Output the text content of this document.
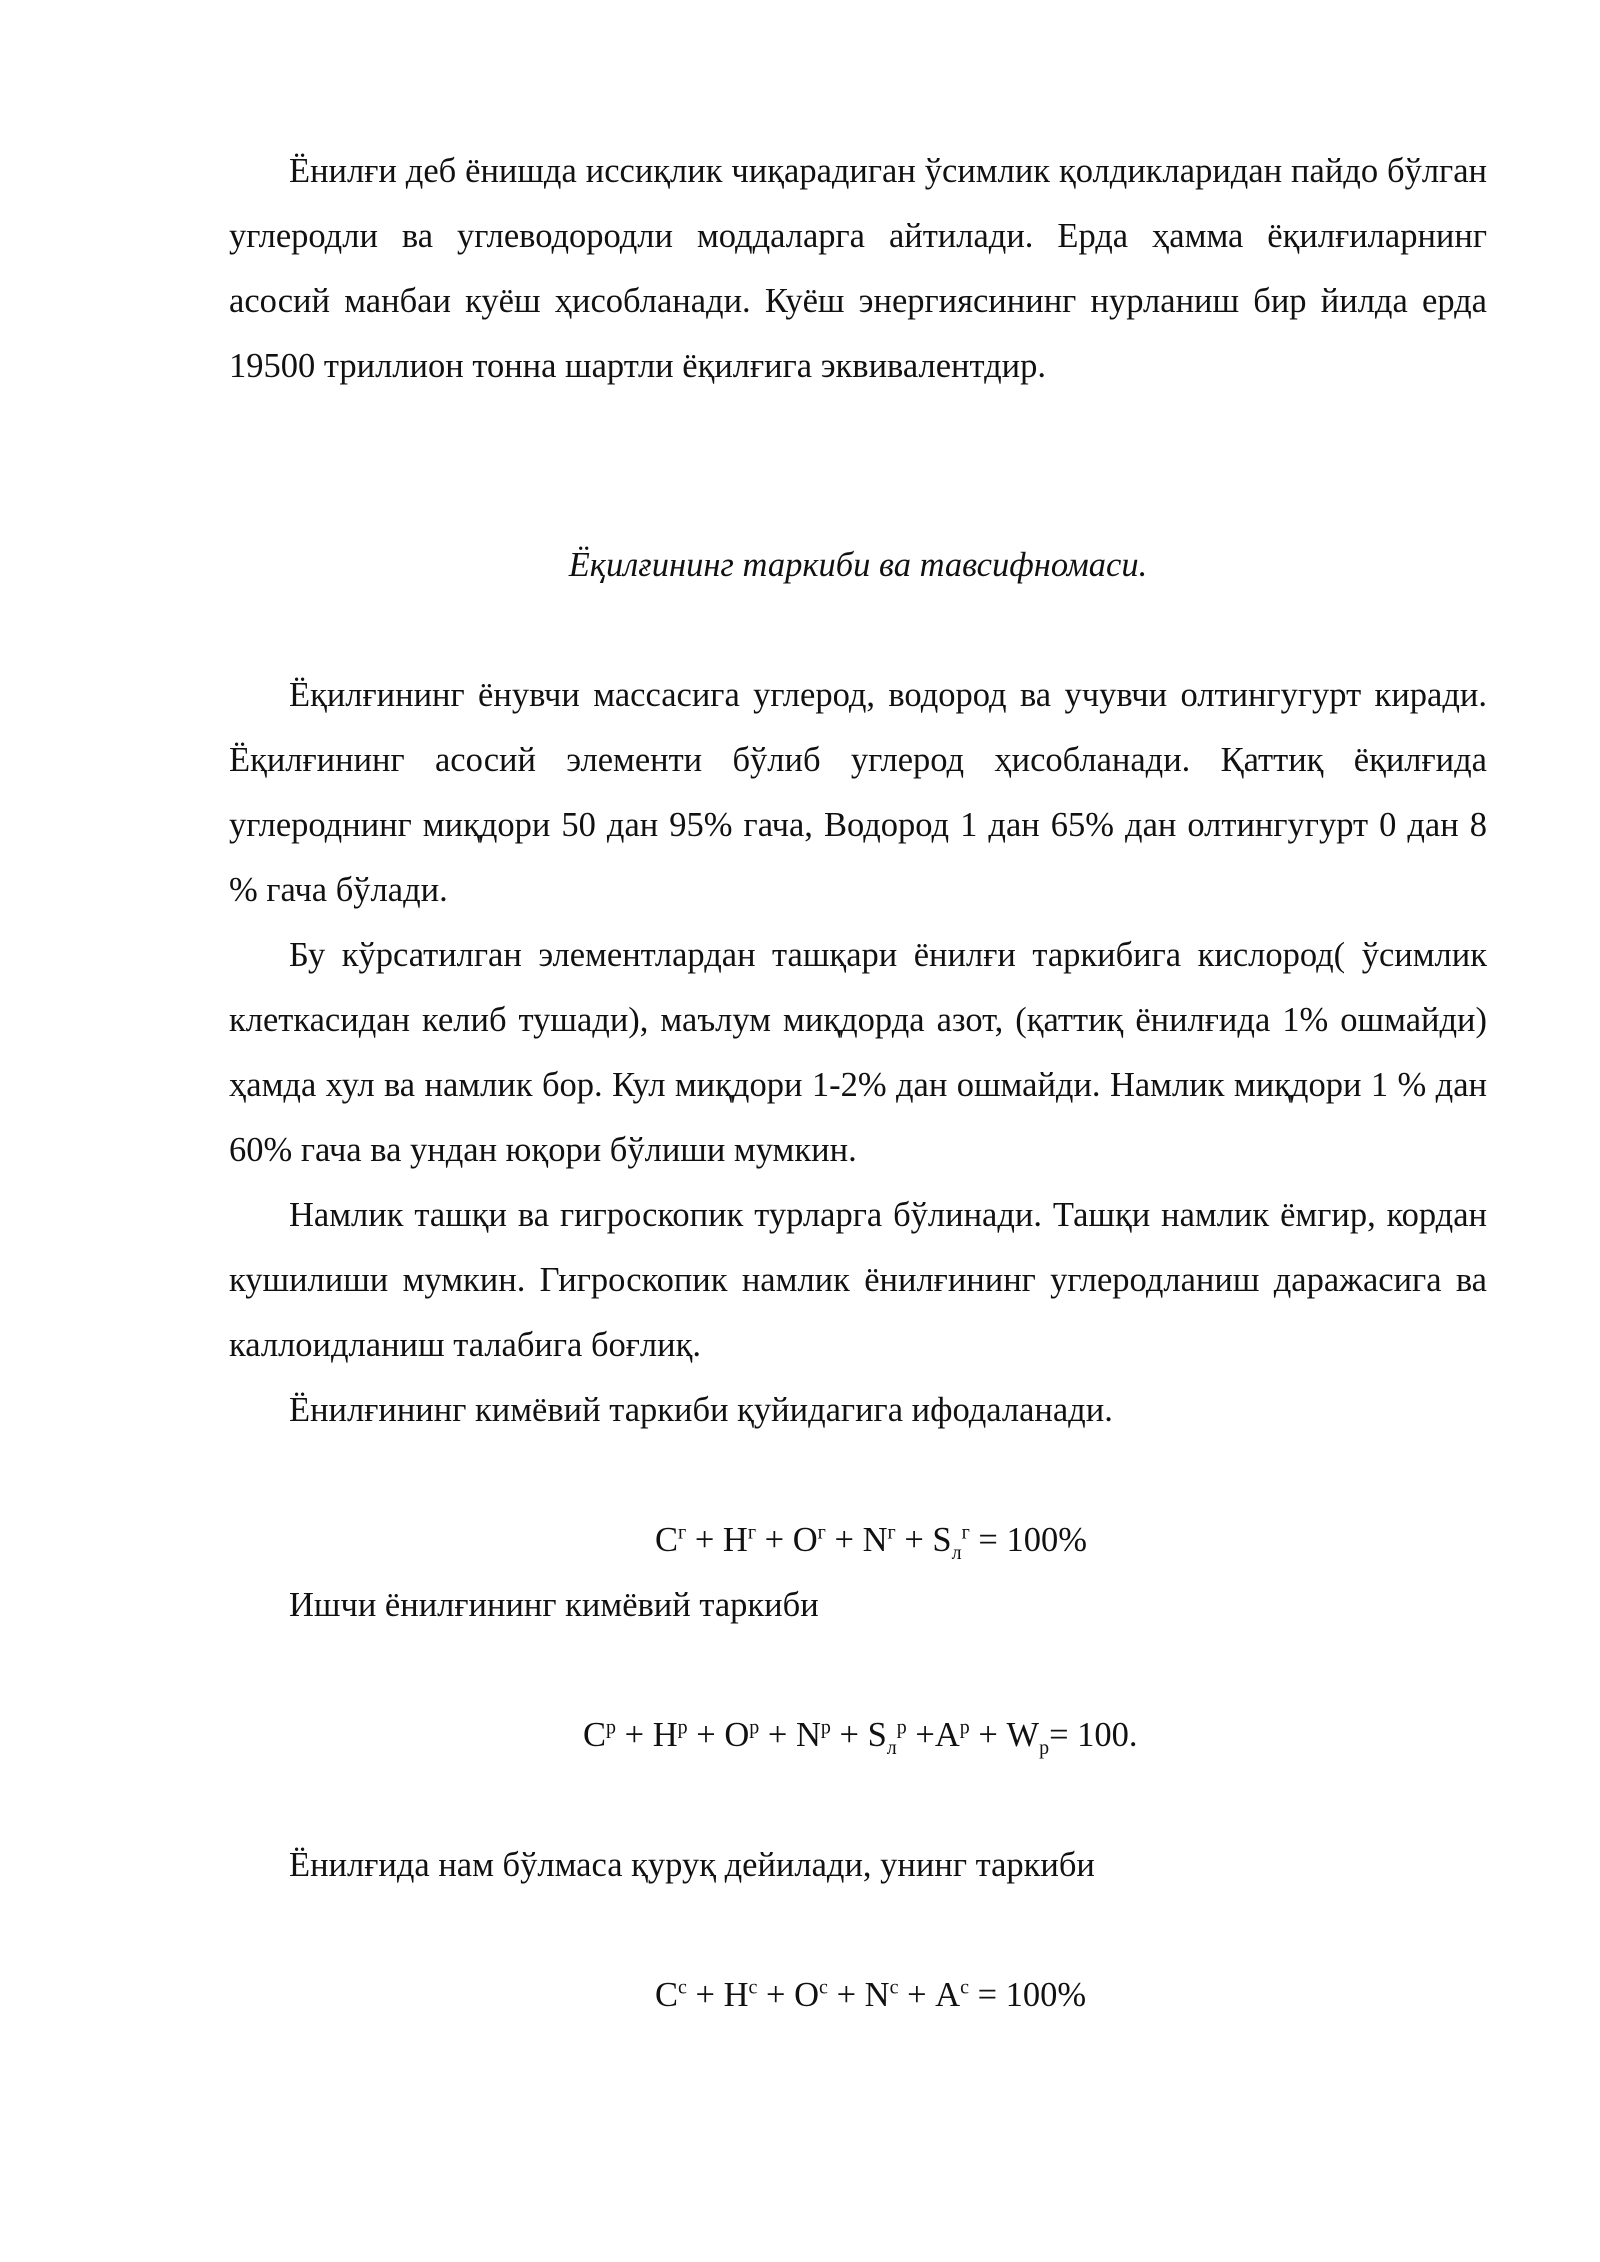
Ёнилғи деб ёнишда иссиқлик чиқарадиган ўсимлик қолдикларидан пайдо бўлган углеродли ва углеводородли моддаларга айтилади. Ерда ҳамма ёқилғиларнинг асосий манбаи куёш ҳисобланади. Куёш энергиясининг нурланиш бир йилда ерда 19500 триллион тонна шартли ёқилғига эквивалентдир.

Ёқилғининг таркиби ва тавсифномаси.

Ёқилғининг ёнувчи массасига углерод, водород ва учувчи олтингугурт киради. Ёқилғининг асосий элементи бўлиб углерод ҳисобланади. Қаттиқ ёқилғида углероднинг миқдори 50 дан 95% гача, Водород 1 дан 65% дан олтингугурт 0 дан 8 % гача бўлади.

Бу кўрсатилган элементлардан ташқари ёнилғи таркибига кислород( ўсимлик клеткасидан келиб тушади), маълум миқдорда азот, (қаттиқ ёнилғида 1% ошмайди) ҳамда хул ва намлик бор. Кул миқдори 1-2% дан ошмайди. Намлик миқдори 1 % дан 60% гача ва ундан юқори бўлиши мумкин.

Намлик ташқи ва гигроскопик турларга бўлинади. Ташқи намлик ёмгир, кордан кушилиши мумкин. Гигроскопик намлик ёнилғининг углеродланиш даражасига ва каллоидланиш талабига боғлиқ.

Ёнилғининг кимёвий таркиби қуйидагига ифодаланади.

$C^г + H^г + O^г + N^г + S_л^г = 100\%$

Ишчи ёнилғининг кимёвий таркиби

$C^р + H^р + O^р + N^р + S_л^р +A^р + W_р= 100$.

Ёнилғида нам бўлмаса қуруқ дейилади, унинг таркиби

$C^с + H^с + O^с + N^с + A^с = 100\%$
